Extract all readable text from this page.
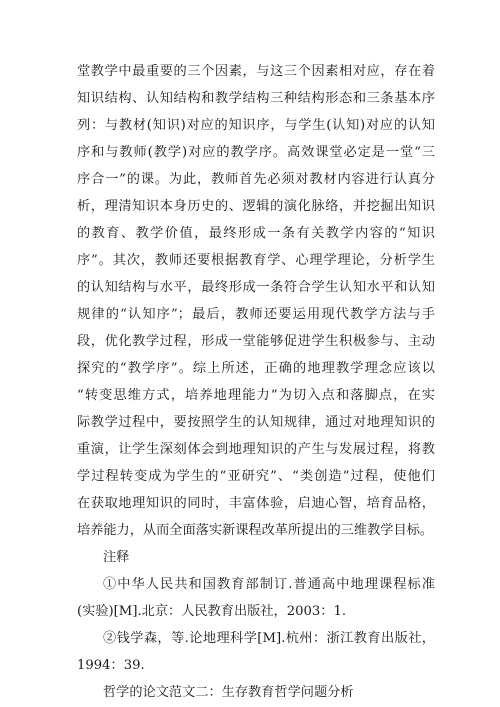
堂教学中最重要的三个因素，与这三个因素相对应，存在着
知识结构、认知结构和教学结构三种结构形态和三条基本序
列：与教材(知识)对应的知识序，与学生(认知)对应的认知
序和与教师(教学)对应的教学序。高效课堂必定是一堂“三
序合一”的课。为此，教师首先必须对教材内容进行认真分
析，理清知识本身历史的、逻辑的演化脉络，并挖掘出知识
的教育、教学价值，最终形成一条有关教学内容的“知识
序”。其次，教师还要根据教育学、心理学理论，分析学生
的认知结构与水平，最终形成一条符合学生认知水平和认知
规律的“认知序”；最后，教师还要运用现代教学方法与手
段，优化教学过程，形成一堂能够促进学生积极参与、主动
探究的“教学序”。综上所述，正确的地理教学理念应该以
“转变思维方式，培养地理能力”为切入点和落脚点，在实
际教学过程中，要按照学生的认知规律，通过对地理知识的
重演，让学生深刻体会到地理知识的产生与发展过程，将教
学过程转变成为学生的“亚研究”、“类创造”过程，使他们
在获取地理知识的同时，丰富体验，启迪心智，培育品格，
培养能力，从而全面落实新课程改革所提出的三维教学目标。
注释
①中华人民共和国教育部制订.普通高中地理课程标准
(实验)[M].北京：人民教育出版社，2003：1.
②钱学森，等.论地理科学[M].杭州：浙江教育出版社，
1994：39.
哲学的论文范文二：生存教育哲学问题分析
